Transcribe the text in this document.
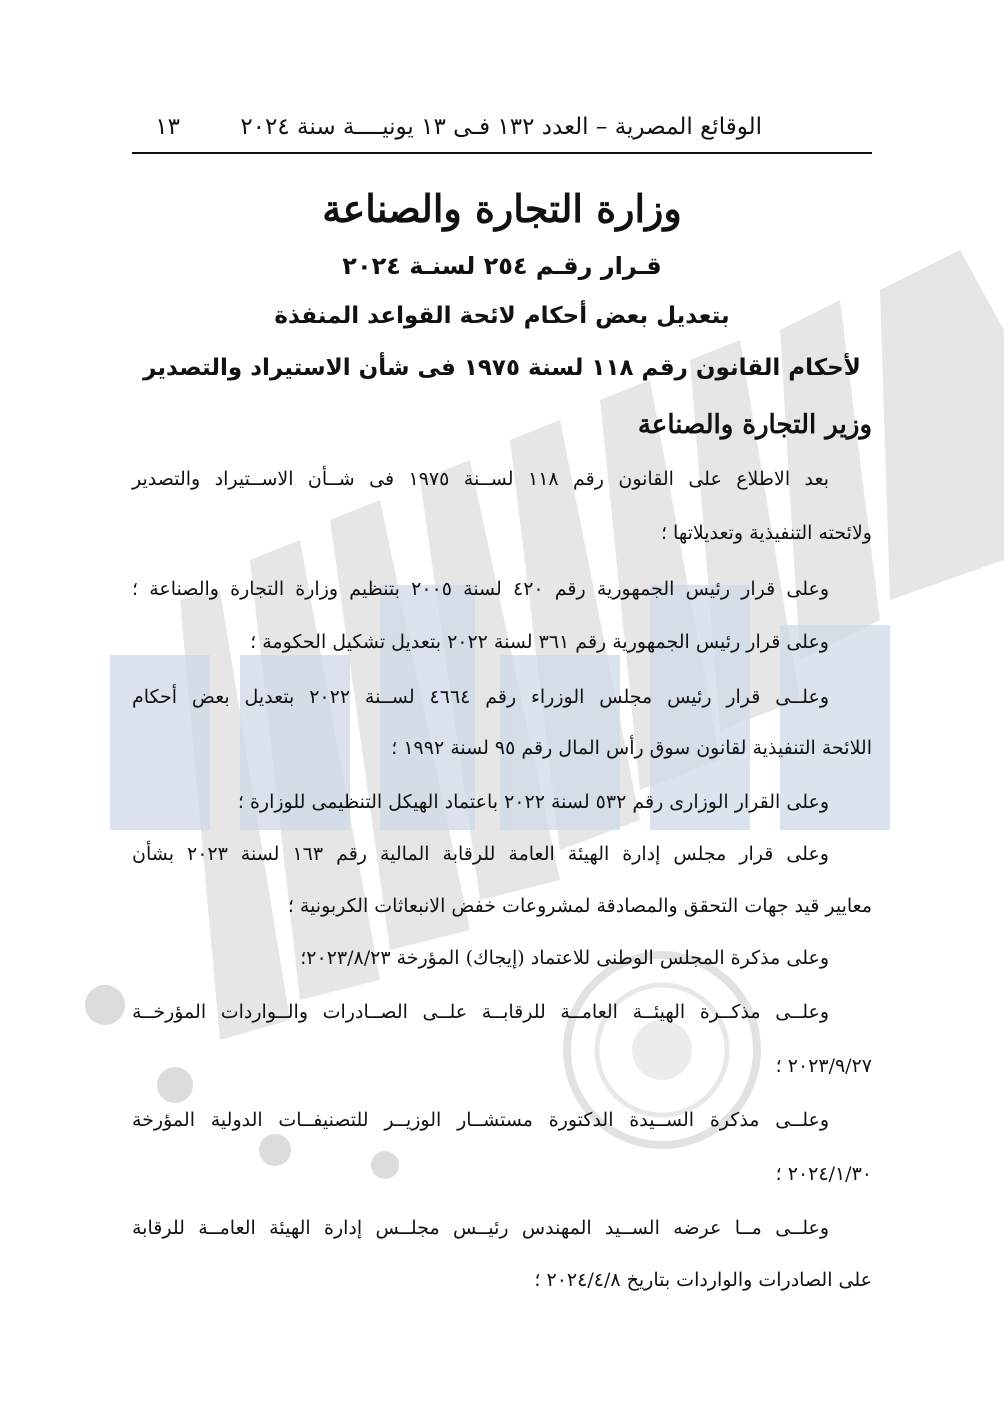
الوقائع المصرية – العدد ١٣٢ فـى ١٣ يونيــــة سنة ٢٠٢٤
١٣
وزارة التجارة والصناعة
قـرار رقـم ٢٥٤ لسنـة ٢٠٢٤
بتعديل بعض أحكام لائحة القواعد المنفذة
لأحكام القانون رقم ١١٨ لسنة ١٩٧٥ فى شأن الاستيراد والتصدير
وزير التجارة والصناعة
بعد الاطلاع على القانون رقم ١١٨ لســنة ١٩٧٥ فى شــأن الاســتيراد والتصدير
ولائحته التنفيذية وتعديلاتها ؛
وعلى قرار رئيس الجمهورية رقم ٤٢٠ لسنة ٢٠٠٥ بتنظيم وزارة التجارة والصناعة ؛
وعلى قرار رئيس الجمهورية رقم ٣٦١ لسنة ٢٠٢٢ بتعديل تشكيل الحكومة ؛
وعلــى قرار رئيس مجلس الوزراء رقم ٤٦٦٤ لســنة ٢٠٢٢ بتعديل بعض أحكام
اللائحة التنفيذية لقانون سوق رأس المال رقم ٩٥ لسنة ١٩٩٢ ؛
وعلى القرار الوزارى رقم ٥٣٢ لسنة ٢٠٢٢ باعتماد الهيكل التنظيمى للوزارة ؛
وعلى قرار مجلس إدارة الهيئة العامة للرقابة المالية رقم ١٦٣ لسنة ٢٠٢٣ بشأن
معايير قيد جهات التحقق والمصادقة لمشروعات خفض الانبعاثات الكربونية ؛
وعلى مذكرة المجلس الوطنى للاعتماد (إيجاك) المؤرخة ٢٠٢٣/٨/٢٣؛
وعلــى مذكــرة الهيئــة العامــة للرقابــة علــى الصــادرات والــواردات المؤرخــة
٢٠٢٣/٩/٢٧ ؛
وعلــى مذكرة الســيدة الدكتورة مستشــار الوزيــر للتصنيفــات الدولية المؤرخة
٢٠٢٤/١/٣٠ ؛
وعلــى مــا عرضه الســيد المهندس رئيــس مجلــس إدارة الهيئة العامــة للرقابة
على الصادرات والواردات بتاريخ ٢٠٢٤/٤/٨ ؛
